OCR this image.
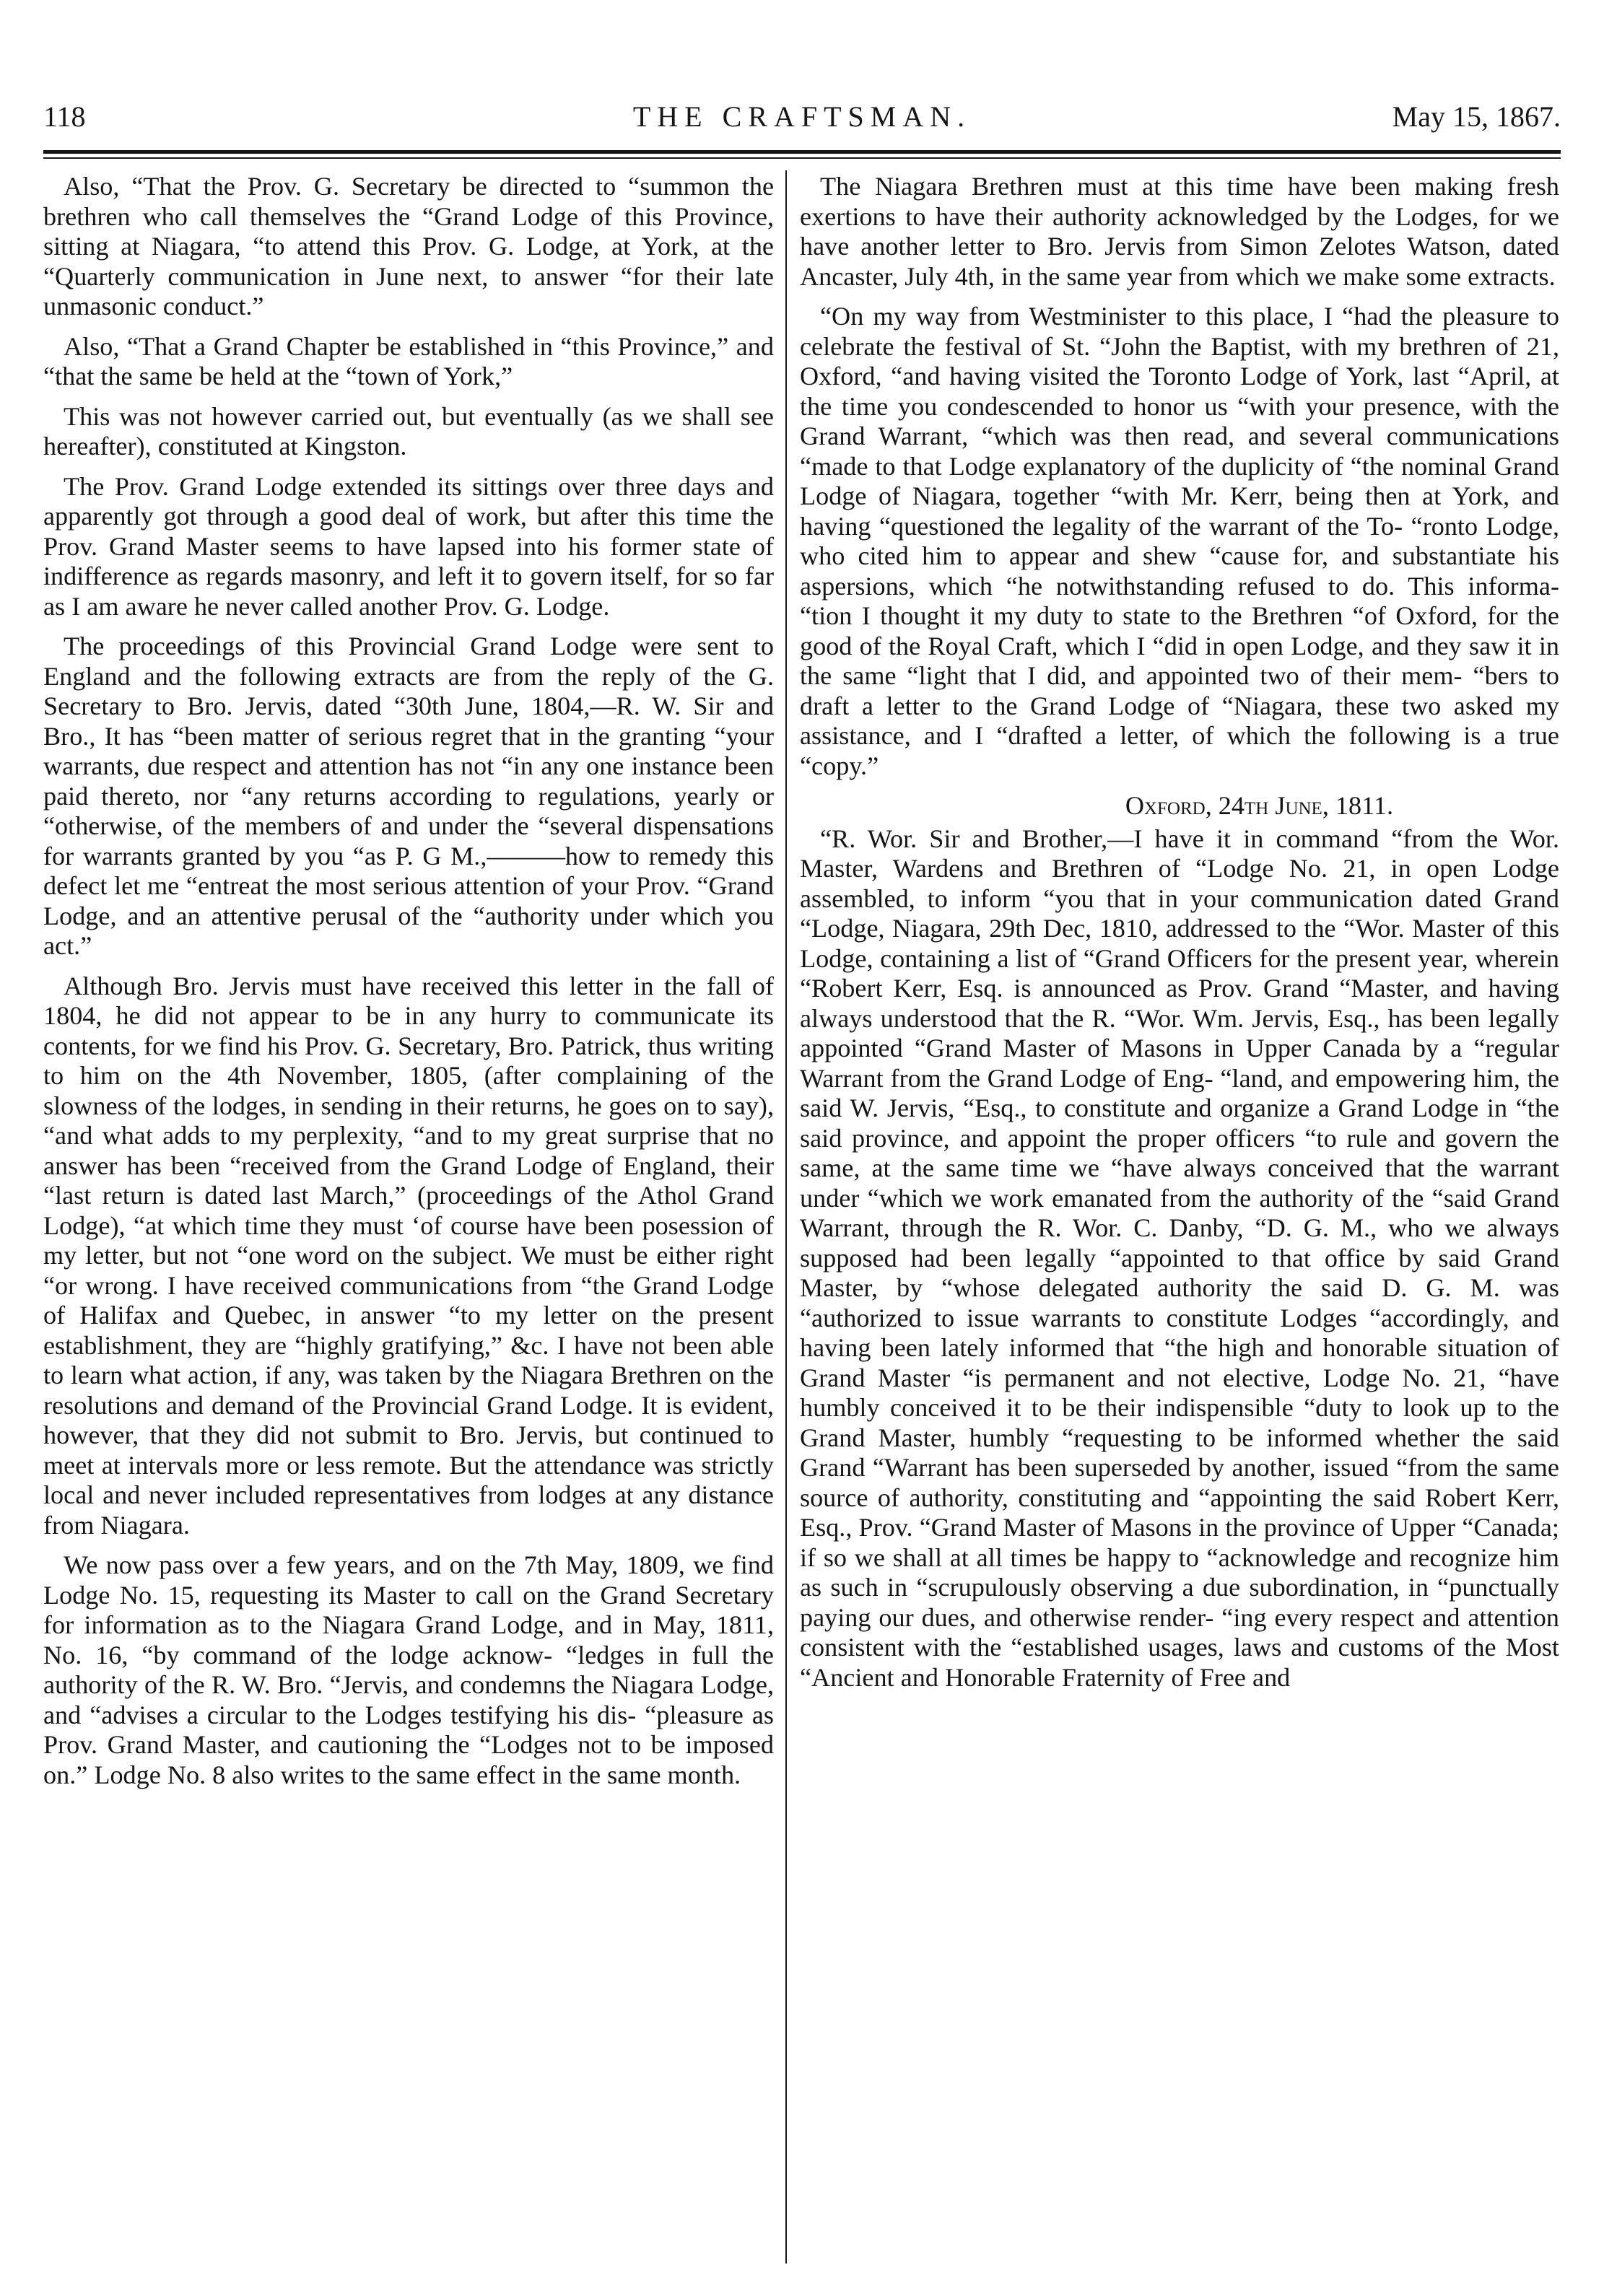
118	THE CRAFTSMAN.	May 15, 1867.

Also, “That the Prov. G. Secretary be directed to “summon the brethren who call themselves the “Grand Lodge of this Province, sitting at Niagara, “to attend this Prov. G. Lodge, at York, at the “Quarterly communication in June next, to answer “for their late unmasonic conduct.”

Also, “That a Grand Chapter be established in “this Province,” and “that the same be held at the “town of York,”

This was not however carried out, but eventually (as we shall see hereafter), constituted at Kingston.

The Prov. Grand Lodge extended its sittings over three days and apparently got through a good deal of work, but after this time the Prov. Grand Master seems to have lapsed into his former state of indifference as regards masonry, and left it to govern itself, for so far as I am aware he never called another Prov. G. Lodge.

The proceedings of this Provincial Grand Lodge were sent to England and the following extracts are from the reply of the G. Secretary to Bro. Jervis, dated “30th June, 1804,—R. W. Sir and Bro., It has “been matter of serious regret that in the granting “your warrants, due respect and attention has not “in any one instance been paid thereto, nor “any returns according to regulations, yearly or “otherwise, of the members of and under the “several dispensations for warrants granted by you “as P. G M.,———how to remedy this defect let me “entreat the most serious attention of your Prov. “Grand Lodge, and an attentive perusal of the “authority under which you act.”

Although Bro. Jervis must have received this letter in the fall of 1804, he did not appear to be in any hurry to communicate its contents, for we find his Prov. G. Secretary, Bro. Patrick, thus writing to him on the 4th November, 1805, (after complaining of the slowness of the lodges, in sending in their returns, he goes on to say), “and what adds to my perplexity, “and to my great surprise that no answer has been “received from the Grand Lodge of England, their “last return is dated last March,” (proceedings of the Athol Grand Lodge), “at which time they must ‘of course have been posession of my letter, but not “one word on the subject. We must be either right “or wrong. I have received communications from “the Grand Lodge of Halifax and Quebec, in answer “to my letter on the present establishment, they are “highly gratifying,” &c. I have not been able to learn what action, if any, was taken by the Niagara Brethren on the resolutions and demand of the Provincial Grand Lodge. It is evident, however, that they did not submit to Bro. Jervis, but continued to meet at intervals more or less remote. But the attendance was strictly local and never included representatives from lodges at any distance from Niagara.

We now pass over a few years, and on the 7th May, 1809, we find Lodge No. 15, requesting its Master to call on the Grand Secretary for information as to the Niagara Grand Lodge, and in May, 1811, No. 16, “by command of the lodge acknow- “ledges in full the authority of the R. W. Bro. “Jervis, and condemns the Niagara Lodge, and “advises a circular to the Lodges testifying his dis- “pleasure as Prov. Grand Master, and cautioning the “Lodges not to be imposed on.” Lodge No. 8 also writes to the same effect in the same month.

The Niagara Brethren must at this time have been making fresh exertions to have their authority acknowledged by the Lodges, for we have another letter to Bro. Jervis from Simon Zelotes Watson, dated Ancaster, July 4th, in the same year from which we make some extracts.

“On my way from Westminister to this place, I “had the pleasure to celebrate the festival of St. “John the Baptist, with my brethren of 21, Oxford, “and having visited the Toronto Lodge of York, last “April, at the time you condescended to honor us “with your presence, with the Grand Warrant, “which was then read, and several communications “made to that Lodge explanatory of the duplicity of “the nominal Grand Lodge of Niagara, together “with Mr. Kerr, being then at York, and having “questioned the legality of the warrant of the To- “ronto Lodge, who cited him to appear and shew “cause for, and substantiate his aspersions, which “he notwithstanding refused to do. This informa- “tion I thought it my duty to state to the Brethren “of Oxford, for the good of the Royal Craft, which I “did in open Lodge, and they saw it in the same “light that I did, and appointed two of their mem- “bers to draft a letter to the Grand Lodge of “Niagara, these two asked my assistance, and I “drafted a letter, of which the following is a true “copy.”

Oxford, 24th June, 1811.

“R. Wor. Sir and Brother,—I have it in command “from the Wor. Master, Wardens and Brethren of “Lodge No. 21, in open Lodge assembled, to inform “you that in your communication dated Grand “Lodge, Niagara, 29th Dec, 1810, addressed to the “Wor. Master of this Lodge, containing a list of “Grand Officers for the present year, wherein “Robert Kerr, Esq. is announced as Prov. Grand “Master, and having always understood that the R. “Wor. Wm. Jervis, Esq., has been legally appointed “Grand Master of Masons in Upper Canada by a “regular Warrant from the Grand Lodge of Eng- “land, and empowering him, the said W. Jervis, “Esq., to constitute and organize a Grand Lodge in “the said province, and appoint the proper officers “to rule and govern the same, at the same time we “have always conceived that the warrant under “which we work emanated from the authority of the “said Grand Warrant, through the R. Wor. C. Danby, “D. G. M., who we always supposed had been legally “appointed to that office by said Grand Master, by “whose delegated authority the said D. G. M. was “authorized to issue warrants to constitute Lodges “accordingly, and having been lately informed that “the high and honorable situation of Grand Master “is permanent and not elective, Lodge No. 21, “have humbly conceived it to be their indispensible “duty to look up to the Grand Master, humbly “requesting to be informed whether the said Grand “Warrant has been superseded by another, issued “from the same source of authority, constituting and “appointing the said Robert Kerr, Esq., Prov. “Grand Master of Masons in the province of Upper “Canada; if so we shall at all times be happy to “acknowledge and recognize him as such in “scrupulously observing a due subordination, in “punctually paying our dues, and otherwise render- “ing every respect and attention consistent with the “established usages, laws and customs of the Most “Ancient and Honorable Fraternity of Free and
